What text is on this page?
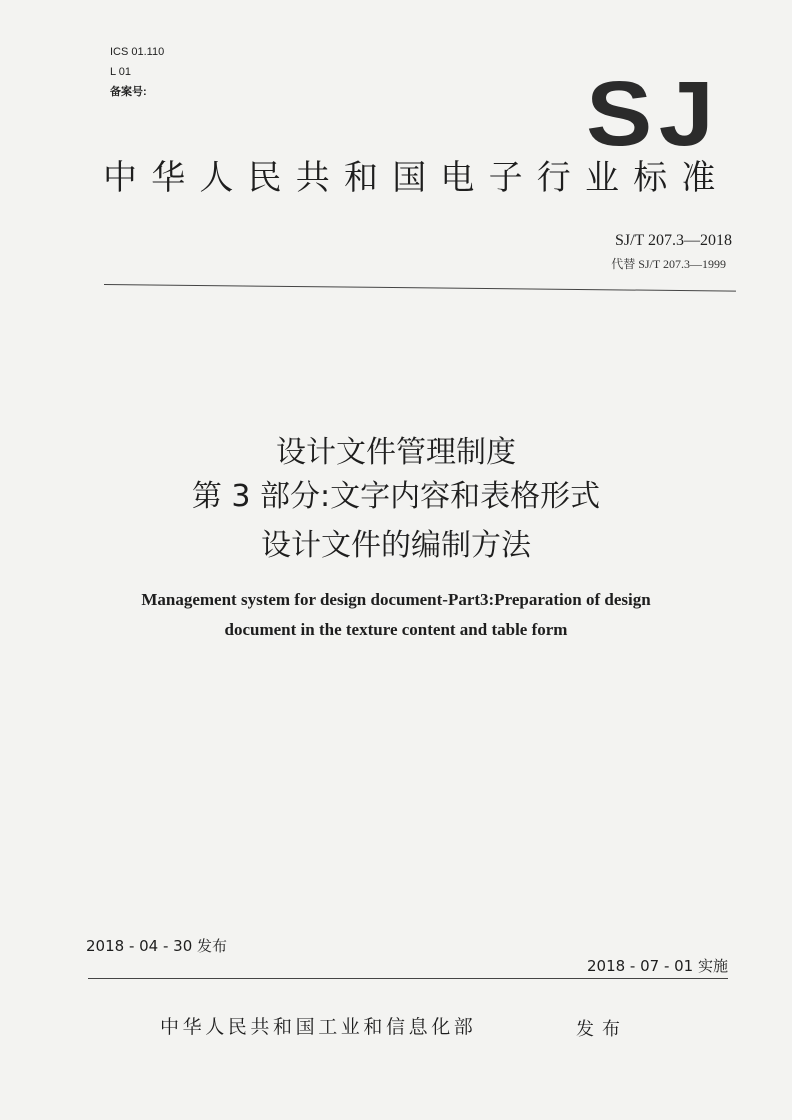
ICS 01.110
L 01
备案号:	SJ
中华人民共和国电子行业标准
SJ/T 207.3—2018
代替 SJ/T 207.3—1999
设计文件管理制度
第 3 部分:文字内容和表格形式
设计文件的编制方法
Management system for design document-Part3:Preparation of design
document in the texture content and table form
2018 - 04 - 30 发布
2018 - 07 - 01 实施
中华人民共和国工业和信息化部	发布
